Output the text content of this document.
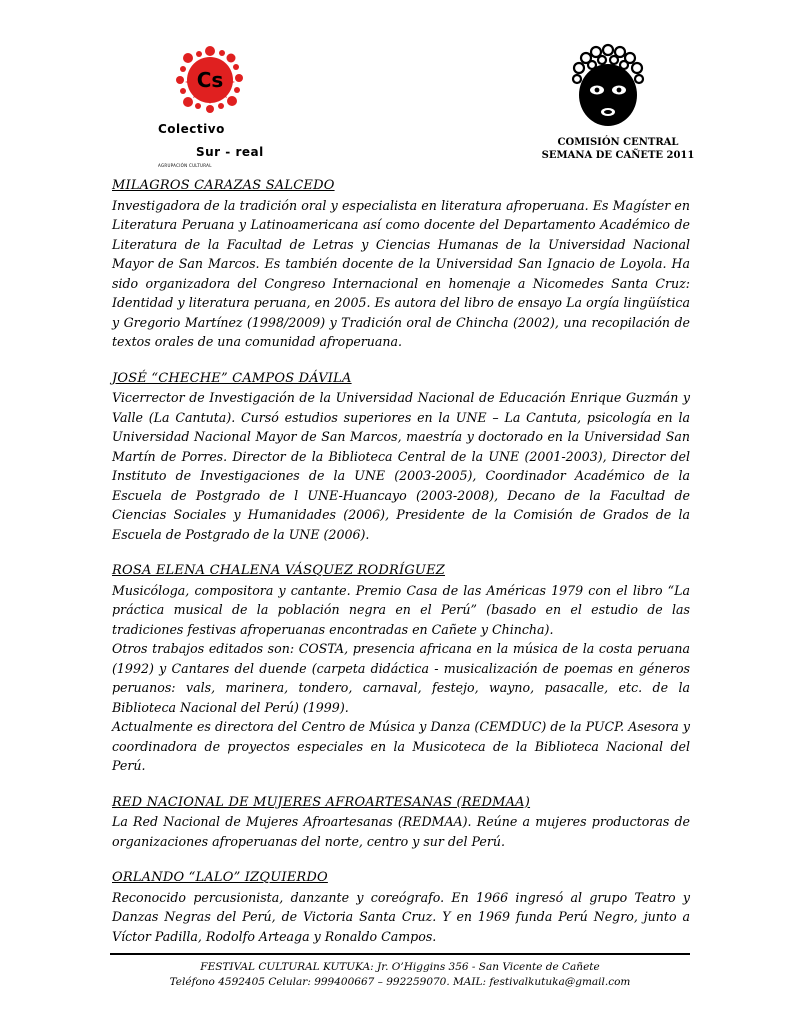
Cs
Colectivo
Sur - real
AGRUPACIÓN CULTURAL
COMISIÓN CENTRAL
SEMANA DE CAÑETE 2011
MILAGROS CARAZAS SALCEDO

Investigadora de la tradición oral y especialista en literatura afroperuana. Es Magíster en Literatura Peruana y Latinoamericana así como docente del Departamento Académico de Literatura de la Facultad de Letras y Ciencias Humanas de la Universidad Nacional Mayor de San Marcos. Es también docente de la Universidad San Ignacio de Loyola. Ha sido organizadora del Congreso Internacional en homenaje a Nicomedes Santa Cruz: Identidad y literatura peruana, en 2005. Es autora del libro de ensayo La orgía lingüística y Gregorio Martínez (1998/2009) y Tradición oral de Chincha (2002), una recopilación de textos orales de una comunidad afroperuana.

JOSÉ “CHECHE” CAMPOS DÁVILA

Vicerrector de Investigación de la Universidad Nacional de Educación Enrique Guzmán y Valle (La Cantuta). Cursó estudios superiores en la UNE – La Cantuta, psicología en la Universidad Nacional Mayor de San Marcos, maestría y doctorado en la Universidad San Martín de Porres. Director de la Biblioteca Central de la UNE (2001-2003), Director del Instituto de Investigaciones de la UNE (2003-2005), Coordinador Académico de la Escuela de Postgrado de l UNE-Huancayo (2003-2008), Decano de la Facultad de Ciencias Sociales y Humanidades (2006), Presidente de la Comisión de Grados de la Escuela de Postgrado de la UNE (2006).

ROSA ELENA CHALENA VÁSQUEZ RODRÍGUEZ

Musicóloga, compositora y cantante. Premio Casa de las Américas 1979 con el libro “La práctica musical de la población negra en el Perú” (basado en el estudio de las tradiciones festivas afroperuanas encontradas en Cañete y Chincha).

Otros trabajos editados son: COSTA, presencia africana en la música de la costa peruana (1992) y Cantares del duende (carpeta didáctica - musicalización de poemas en géneros peruanos: vals, marinera, tondero, carnaval, festejo, wayno, pasacalle, etc. de la Biblioteca Nacional del Perú) (1999).

Actualmente es directora del Centro de Música y Danza (CEMDUC) de la PUCP. Asesora y coordinadora de proyectos especiales en la Musicoteca de la Biblioteca Nacional del Perú.

RED NACIONAL DE MUJERES AFROARTESANAS (REDMAA)

La Red Nacional de Mujeres Afroartesanas (REDMAA). Reúne a mujeres productoras de organizaciones afroperuanas del norte, centro y sur del Perú.

ORLANDO “LALO” IZQUIERDO

Reconocido percusionista, danzante y coreógrafo. En 1966 ingresó al grupo Teatro y Danzas Negras del Perú, de Victoria Santa Cruz. Y en 1969 funda Perú Negro, junto a Víctor Padilla, Rodolfo Arteaga y Ronaldo Campos.

FESTIVAL CULTURAL KUTUKA: Jr. O’Higgins 356 - San Vicente de Cañete
Teléfono 4592405 Celular: 999400667 – 992259070. MAIL: festivalkutuka@gmail.com
